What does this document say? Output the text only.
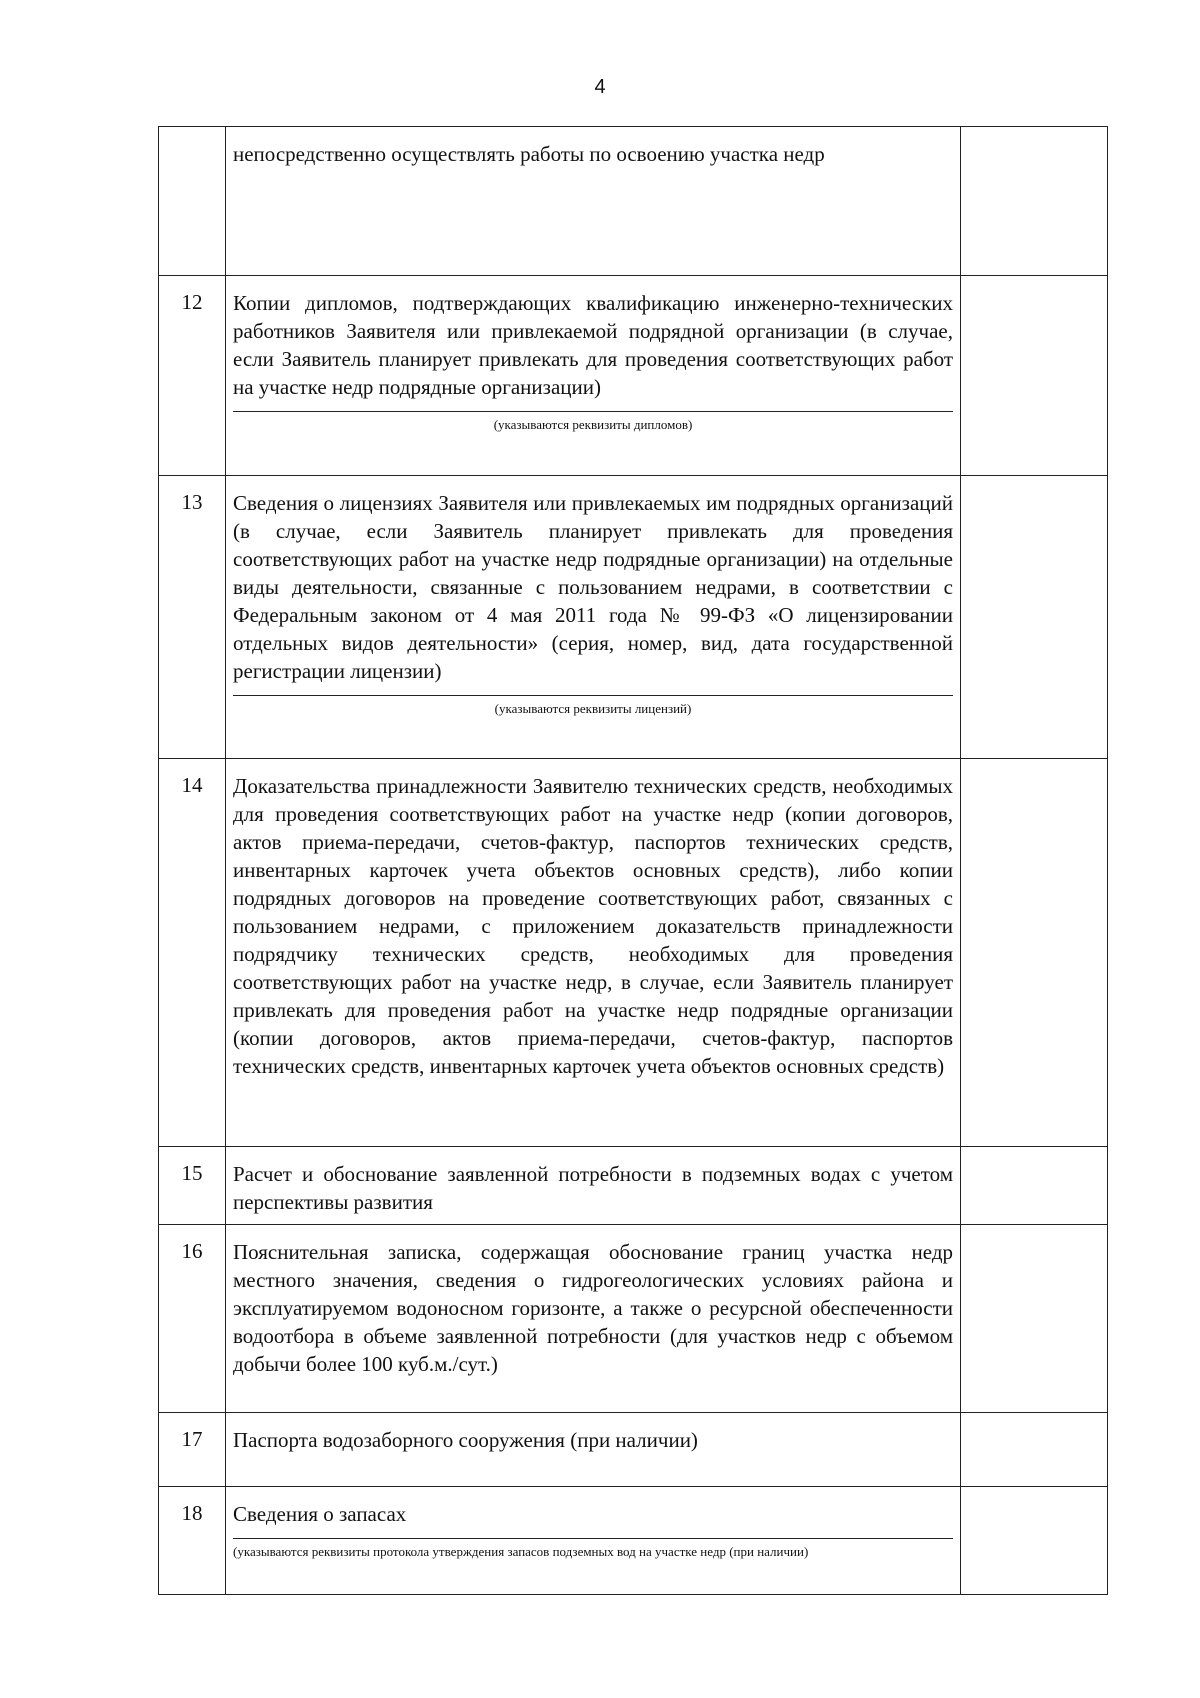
4

	непосредственно осуществлять работы по освоению участка недр	

12	Копии дипломов, подтверждающих квалификацию инженерно-технических работников Заявителя или привлекаемой подрядной организации (в случае, если Заявитель планирует привлекать для проведения соответствующих работ на участке недр подрядные организации)

(указываются реквизиты дипломов)	

13	Сведения о лицензиях Заявителя или привлекаемых им подрядных организаций (в случае, если Заявитель планирует привлекать для проведения соответствующих работ на участке недр подрядные организации) на отдельные виды деятельности, связанные с пользованием недрами, в соответствии с Федеральным законом от 4 мая 2011 года № 99-ФЗ «О лицензировании отдельных видов деятельности» (серия, номер, вид, дата государственной регистрации лицензии)

(указываются реквизиты лицензий)	

14	Доказательства принадлежности Заявителю технических средств, необходимых для проведения соответствующих работ на участке недр (копии договоров, актов приема-передачи, счетов-фактур, паспортов технических средств, инвентарных карточек учета объектов основных средств), либо копии подрядных договоров на проведение соответствующих работ, связанных с пользованием недрами, с приложением доказательств принадлежности подрядчику технических средств, необходимых для проведения соответствующих работ на участке недр, в случае, если Заявитель планирует привлекать для проведения работ на участке недр подрядные организации (копии договоров, актов приема-передачи, счетов-фактур, паспортов технических средств, инвентарных карточек учета объектов основных средств)	

15	Расчет и обоснование заявленной потребности в подземных водах с учетом перспективы развития	

16	Пояснительная записка, содержащая обоснование границ участка недр местного значения, сведения о гидрогеологических условиях района и эксплуатируемом водоносном горизонте, а также о ресурсной обеспеченности водоотбора в объеме заявленной потребности (для участков недр с объемом добычи более 100 куб.м./сут.)	

17	Паспорта водозаборного сооружения (при наличии)	

18	Сведения о запасах

(указываются реквизиты протокола утверждения запасов подземных вод на участке недр (при наличии)	
